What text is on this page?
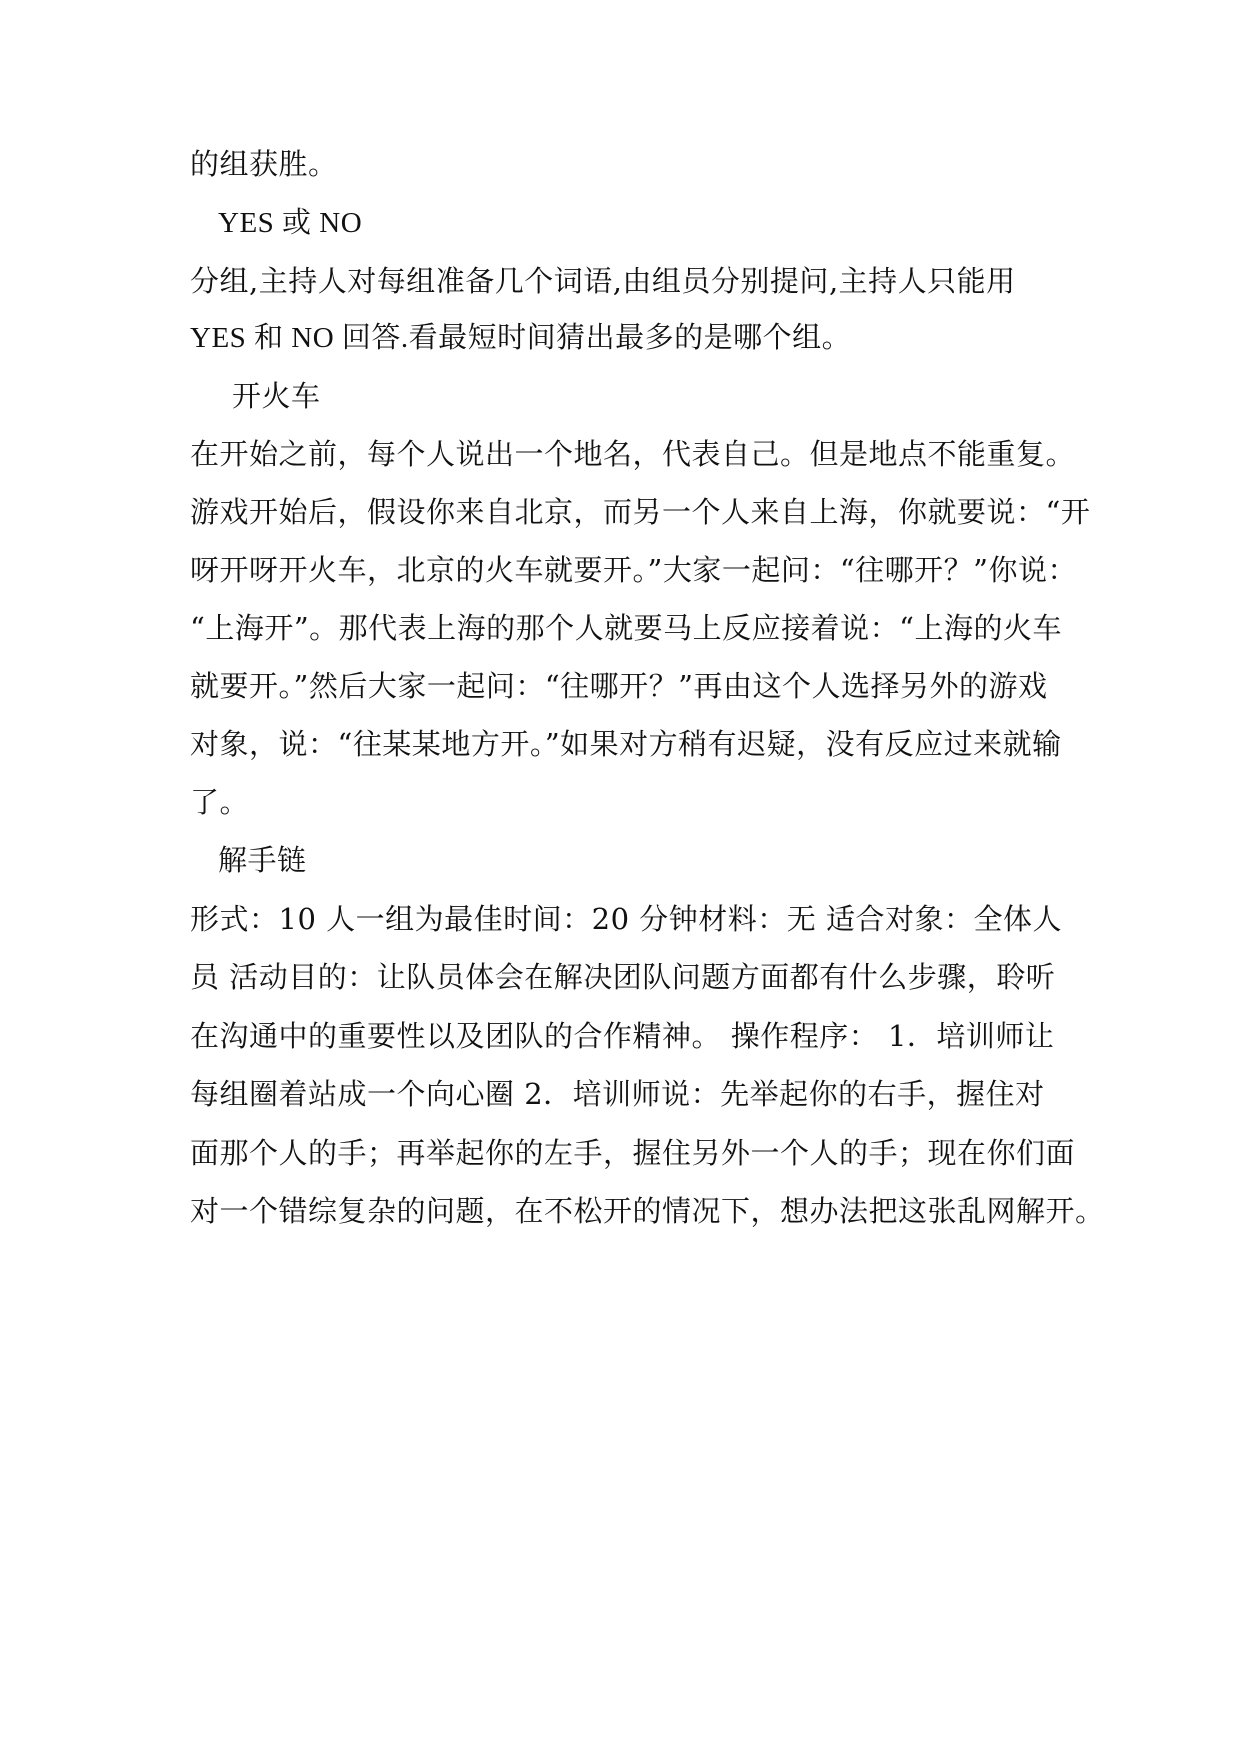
的组获胜。
YES 或 NO
分组,主持人对每组准备几个词语,由组员分别提问,主持人只能用
YES 和 NO 回答.看最短时间猜出最多的是哪个组。
开火车
在开始之前，每个人说出一个地名，代表自己。但是地点不能重复。
游戏开始后，假设你来自北京，而另一个人来自上海，你就要说：“开
呀开呀开火车，北京的火车就要开。”大家一起问：“往哪开？”你说：
“上海开”。那代表上海的那个人就要马上反应接着说：“上海的火车
就要开。”然后大家一起问：“往哪开？”再由这个人选择另外的游戏
对象，说：“往某某地方开。”如果对方稍有迟疑，没有反应过来就输
了。
解手链
形式：10 人一组为最佳时间：20 分钟材料：无 适合对象：全体人
员 活动目的：让队员体会在解决团队问题方面都有什么步骤，聆听
在沟通中的重要性以及团队的合作精神。 操作程序： 1．培训师让
每组圈着站成一个向心圈 2．培训师说：先举起你的右手，握住对
面那个人的手；再举起你的左手，握住另外一个人的手；现在你们面
对一个错综复杂的问题，在不松开的情况下，想办法把这张乱网解开。
